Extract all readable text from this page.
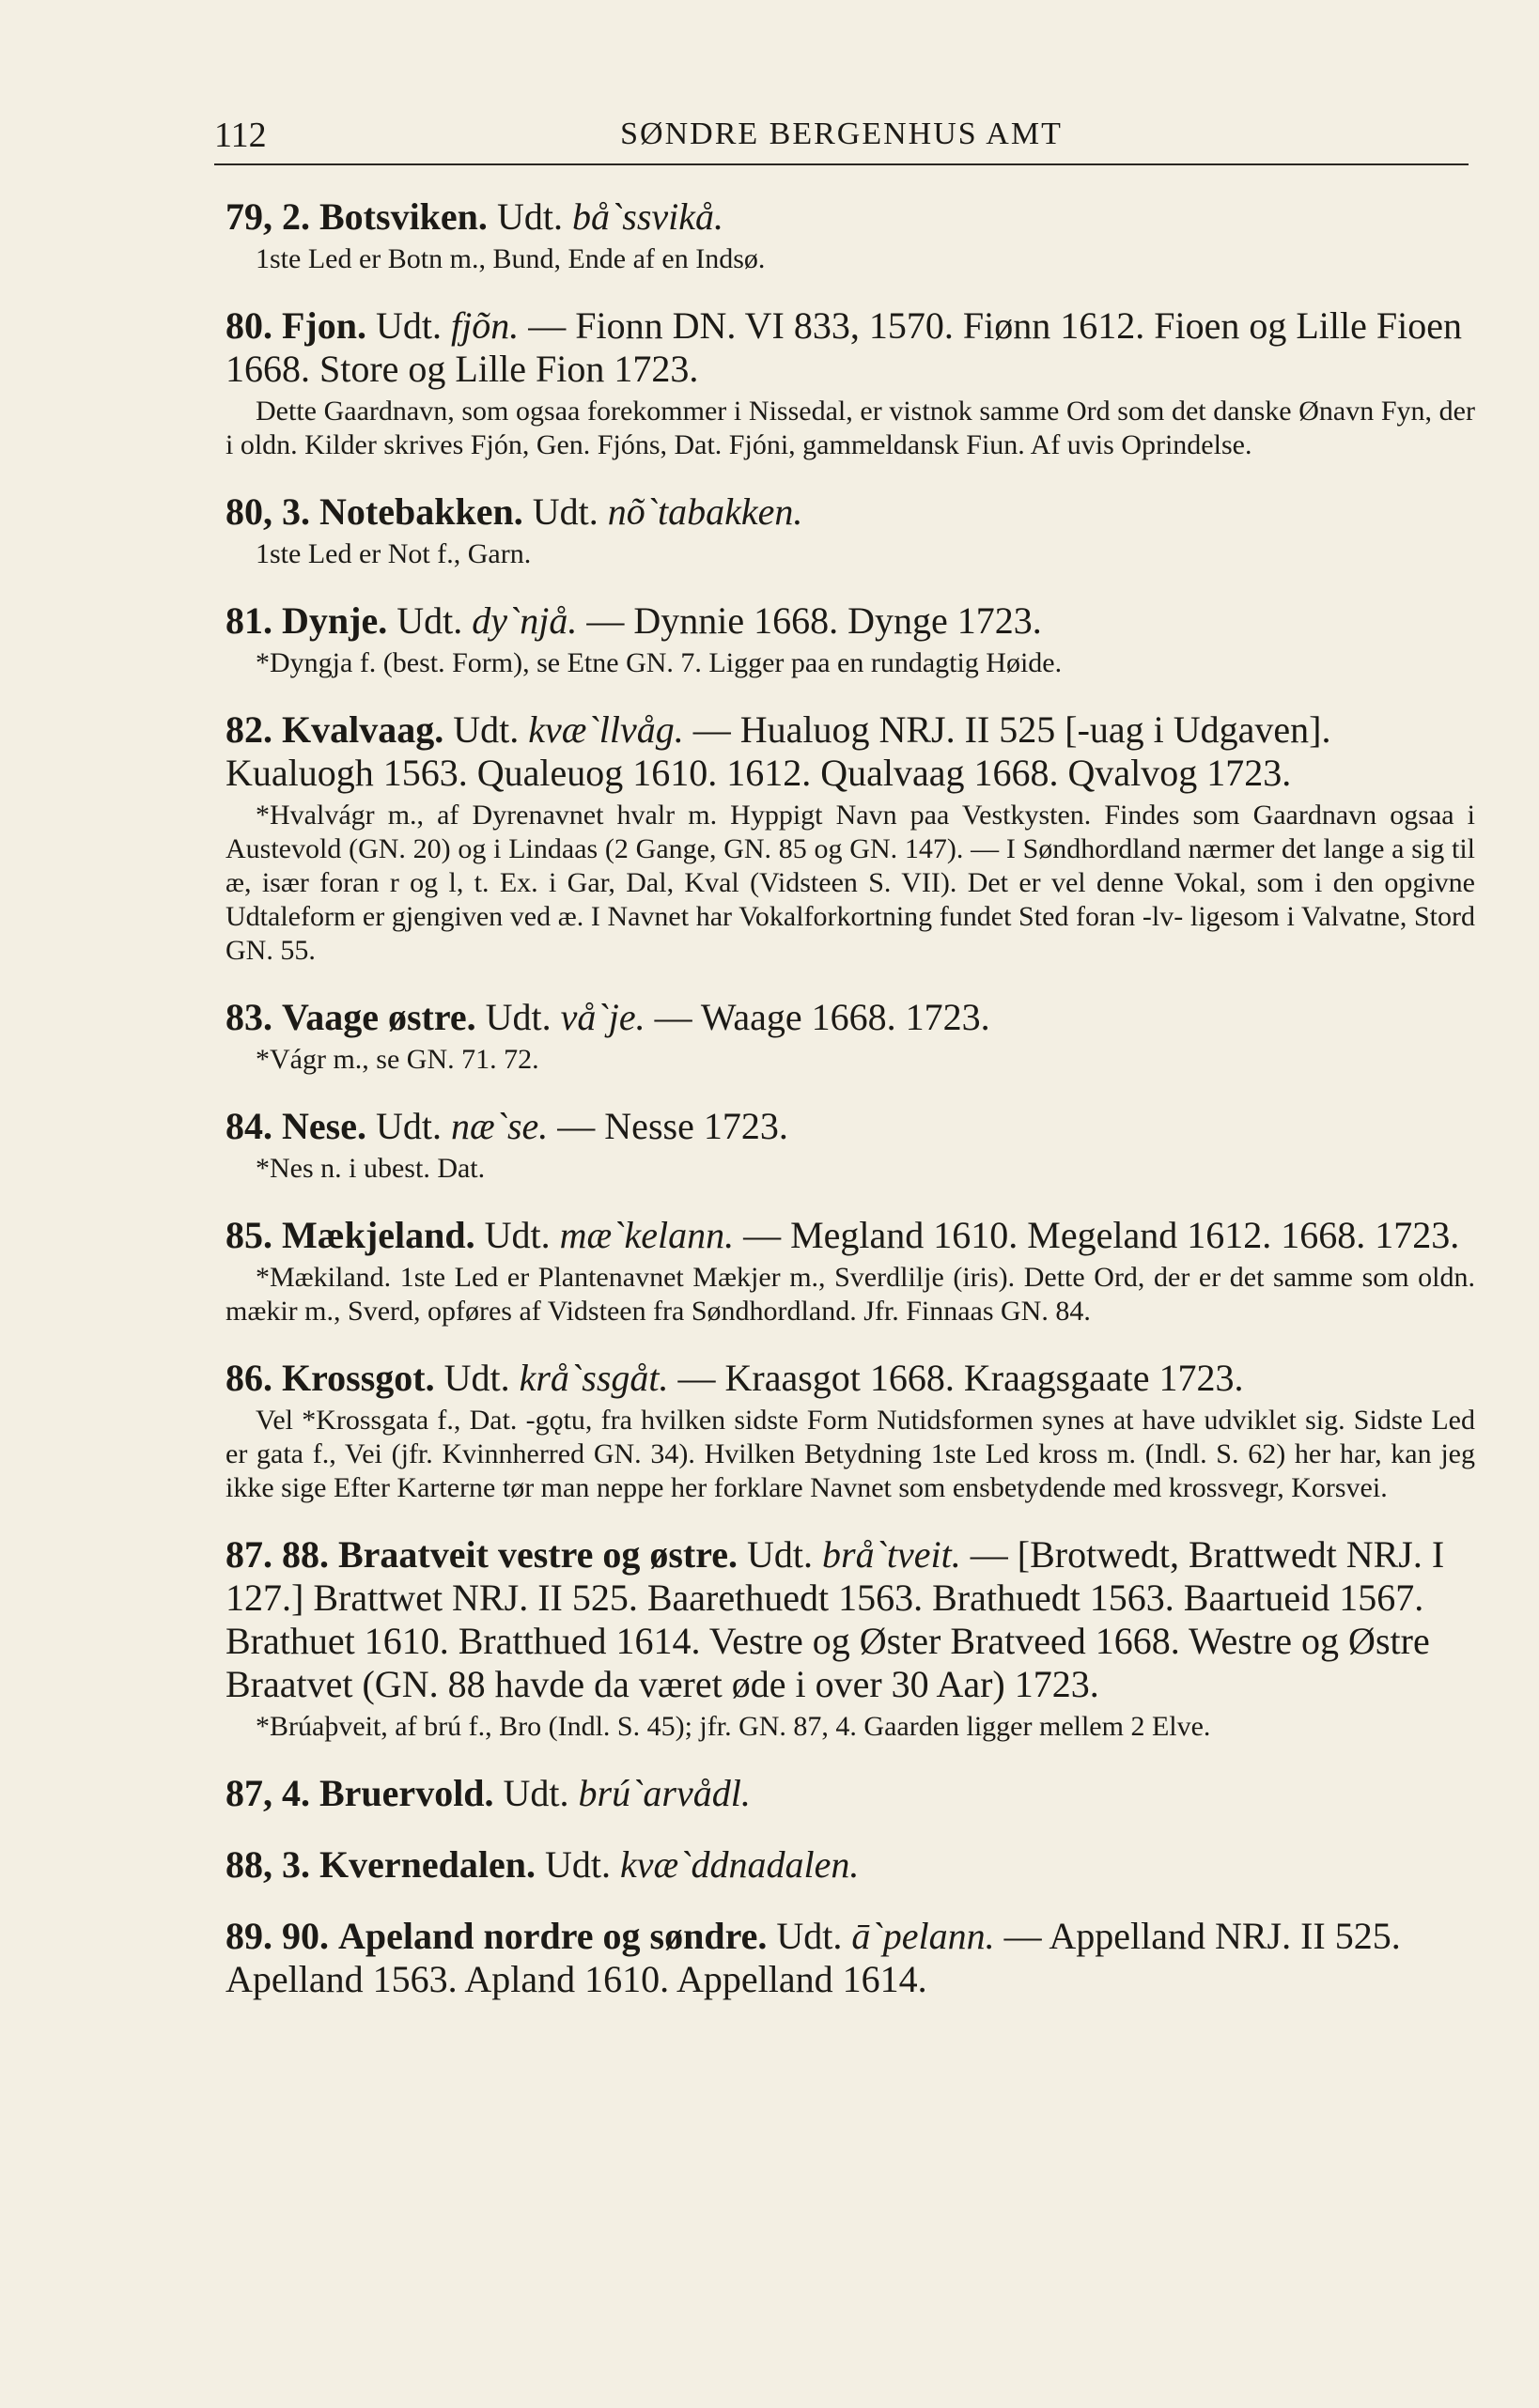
112	SØNDRE BERGENHUS AMT

79, 2. Botsviken. Udt. bå`ssvikå.

1ste Led er Botn m., Bund, Ende af en Indsø.

80. Fjon. Udt. fjõn. — Fionn DN. VI 833, 1570. Fiønn 1612. Fioen og Lille Fioen 1668. Store og Lille Fion 1723.

Dette Gaardnavn, som ogsaa forekommer i Nissedal, er vistnok samme Ord som det danske Ønavn Fyn, der i oldn. Kilder skrives Fjón, Gen. Fjóns, Dat. Fjóni, gammeldansk Fiun. Af uvis Oprindelse.

80, 3. Notebakken. Udt. nõ`tabakken.

1ste Led er Not f., Garn.

81. Dynje. Udt. dy`njå. — Dynnie 1668. Dynge 1723.

*Dyngja f. (best. Form), se Etne GN. 7. Ligger paa en rundagtig Høide.

82. Kvalvaag. Udt. kvæ`llvåg. — Hualuog NRJ. II 525 [-uag i Udgaven]. Kualuogh 1563. Qualeuog 1610. 1612. Qualvaag 1668. Qvalvog 1723.

*Hvalvágr m., af Dyrenavnet hvalr m. Hyppigt Navn paa Vestkysten. Findes som Gaardnavn ogsaa i Austevold (GN. 20) og i Lindaas (2 Gange, GN. 85 og GN. 147). — I Søndhordland nærmer det lange a sig til æ, især foran r og l, t. Ex. i Gar, Dal, Kval (Vidsteen S. VII). Det er vel denne Vokal, som i den opgivne Udtaleform er gjengiven ved æ. I Navnet har Vokalforkortning fundet Sted foran -lv- ligesom i Valvatne, Stord GN. 55.

83. Vaage østre. Udt. vå`je. — Waage 1668. 1723.

*Vágr m., se GN. 71. 72.

84. Nese. Udt. næ`se. — Nesse 1723.

*Nes n. i ubest. Dat.

85. Mækjeland. Udt. mæ`kelann. — Megland 1610. Megeland 1612. 1668. 1723.

*Mækiland. 1ste Led er Plantenavnet Mækjer m., Sverdlilje (iris). Dette Ord, der er det samme som oldn. mækir m., Sverd, opføres af Vidsteen fra Søndhordland. Jfr. Finnaas GN. 84.

86. Krossgot. Udt. krå`ssgåt. — Kraasgot 1668. Kraagsgaate 1723.

Vel *Krossgata f., Dat. -gǫtu, fra hvilken sidste Form Nutidsformen synes at have udviklet sig. Sidste Led er gata f., Vei (jfr. Kvinnherred GN. 34). Hvilken Betydning 1ste Led kross m. (Indl. S. 62) her har, kan jeg ikke sige Efter Karterne tør man neppe her forklare Navnet som ensbetydende med krossvegr, Korsvei.

87. 88. Braatveit vestre og østre. Udt. brå`tveit. — [Brotwedt, Brattwedt NRJ. I 127.] Brattwet NRJ. II 525. Baarethuedt 1563. Brathuedt 1563. Baartueid 1567. Brathuet 1610. Bratthued 1614. Vestre og Øster Bratveed 1668. Westre og Østre Braatvet (GN. 88 havde da været øde i over 30 Aar) 1723.

*Brúaþveit, af brú f., Bro (Indl. S. 45); jfr. GN. 87, 4. Gaarden ligger mellem 2 Elve.

87, 4. Bruervold. Udt. brú`arvådl.

88, 3. Kvernedalen. Udt. kvæ`ddnadalen.

89. 90. Apeland nordre og søndre. Udt. ā`pelann. — Appelland NRJ. II 525. Apelland 1563. Apland 1610. Appelland 1614.
